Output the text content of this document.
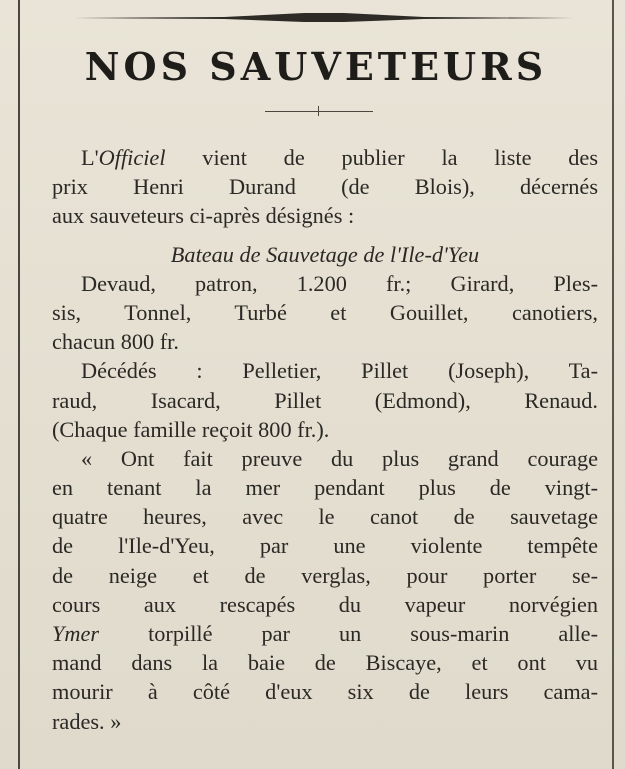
NOS SAUVETEURS
L'Officiel vient de publier la liste des
prix Henri Durand (de Blois), décernés
aux sauveteurs ci-après désignés :
Bateau de Sauvetage de l'Ile-d'Yeu
Devaud, patron, 1.200 fr.; Girard, Ples-
sis, Tonnel, Turbé et Gouillet, canotiers,
chacun 800 fr.
Décédés : Pelletier, Pillet (Joseph), Ta-
raud, Isacard, Pillet (Edmond), Renaud.
(Chaque famille reçoit 800 fr.).
« Ont fait preuve du plus grand courage
en tenant la mer pendant plus de vingt-
quatre heures, avec le canot de sauvetage
de l'Ile-d'Yeu, par une violente tempête
de neige et de verglas, pour porter se-
cours aux rescapés du vapeur norvégien
Ymer torpillé par un sous-marin alle-
mand dans la baie de Biscaye, et ont vu
mourir à côté d'eux six de leurs cama-
rades. »
